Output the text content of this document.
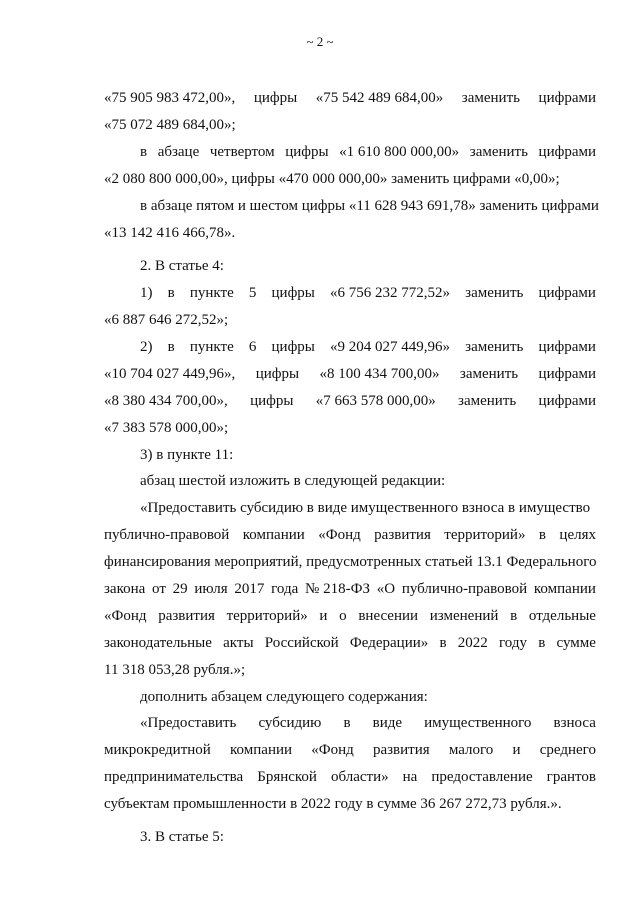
~ 2 ~
«75 905 983 472,00», цифры «75 542 489 684,00» заменить цифрами
«75 072 489 684,00»;
в абзаце четвертом цифры «1 610 800 000,00» заменить цифрами
«2 080 800 000,00», цифры «470 000 000,00» заменить цифрами «0,00»;
в абзаце пятом и шестом цифры «11 628 943 691,78» заменить цифрами
«13 142 416 466,78».
2. В статье 4:
1) в пункте 5 цифры «6 756 232 772,52» заменить цифрами
«6 887 646 272,52»;
2) в пункте 6 цифры «9 204 027 449,96» заменить цифрами
«10 704 027 449,96», цифры «8 100 434 700,00» заменить цифрами
«8 380 434 700,00», цифры «7 663 578 000,00» заменить цифрами
«7 383 578 000,00»;
3) в пункте 11:
абзац шестой изложить в следующей редакции:
«Предоставить субсидию в виде имущественного взноса в имущество
публично-правовой компании «Фонд развития территорий» в целях
финансирования мероприятий, предусмотренных статьей 13.1 Федерального
закона от 29 июля 2017 года № 218-ФЗ «О публично-правовой компании
«Фонд развития территорий» и о внесении изменений в отдельные
законодательные акты Российской Федерации» в 2022 году в сумме
11 318 053,28 рубля.»;
дополнить абзацем следующего содержания:
«Предоставить субсидию в виде имущественного взноса
микрокредитной компании «Фонд развития малого и среднего
предпринимательства Брянской области» на предоставление грантов
субъектам промышленности в 2022 году в сумме 36 267 272,73 рубля.».
3. В статье 5:
